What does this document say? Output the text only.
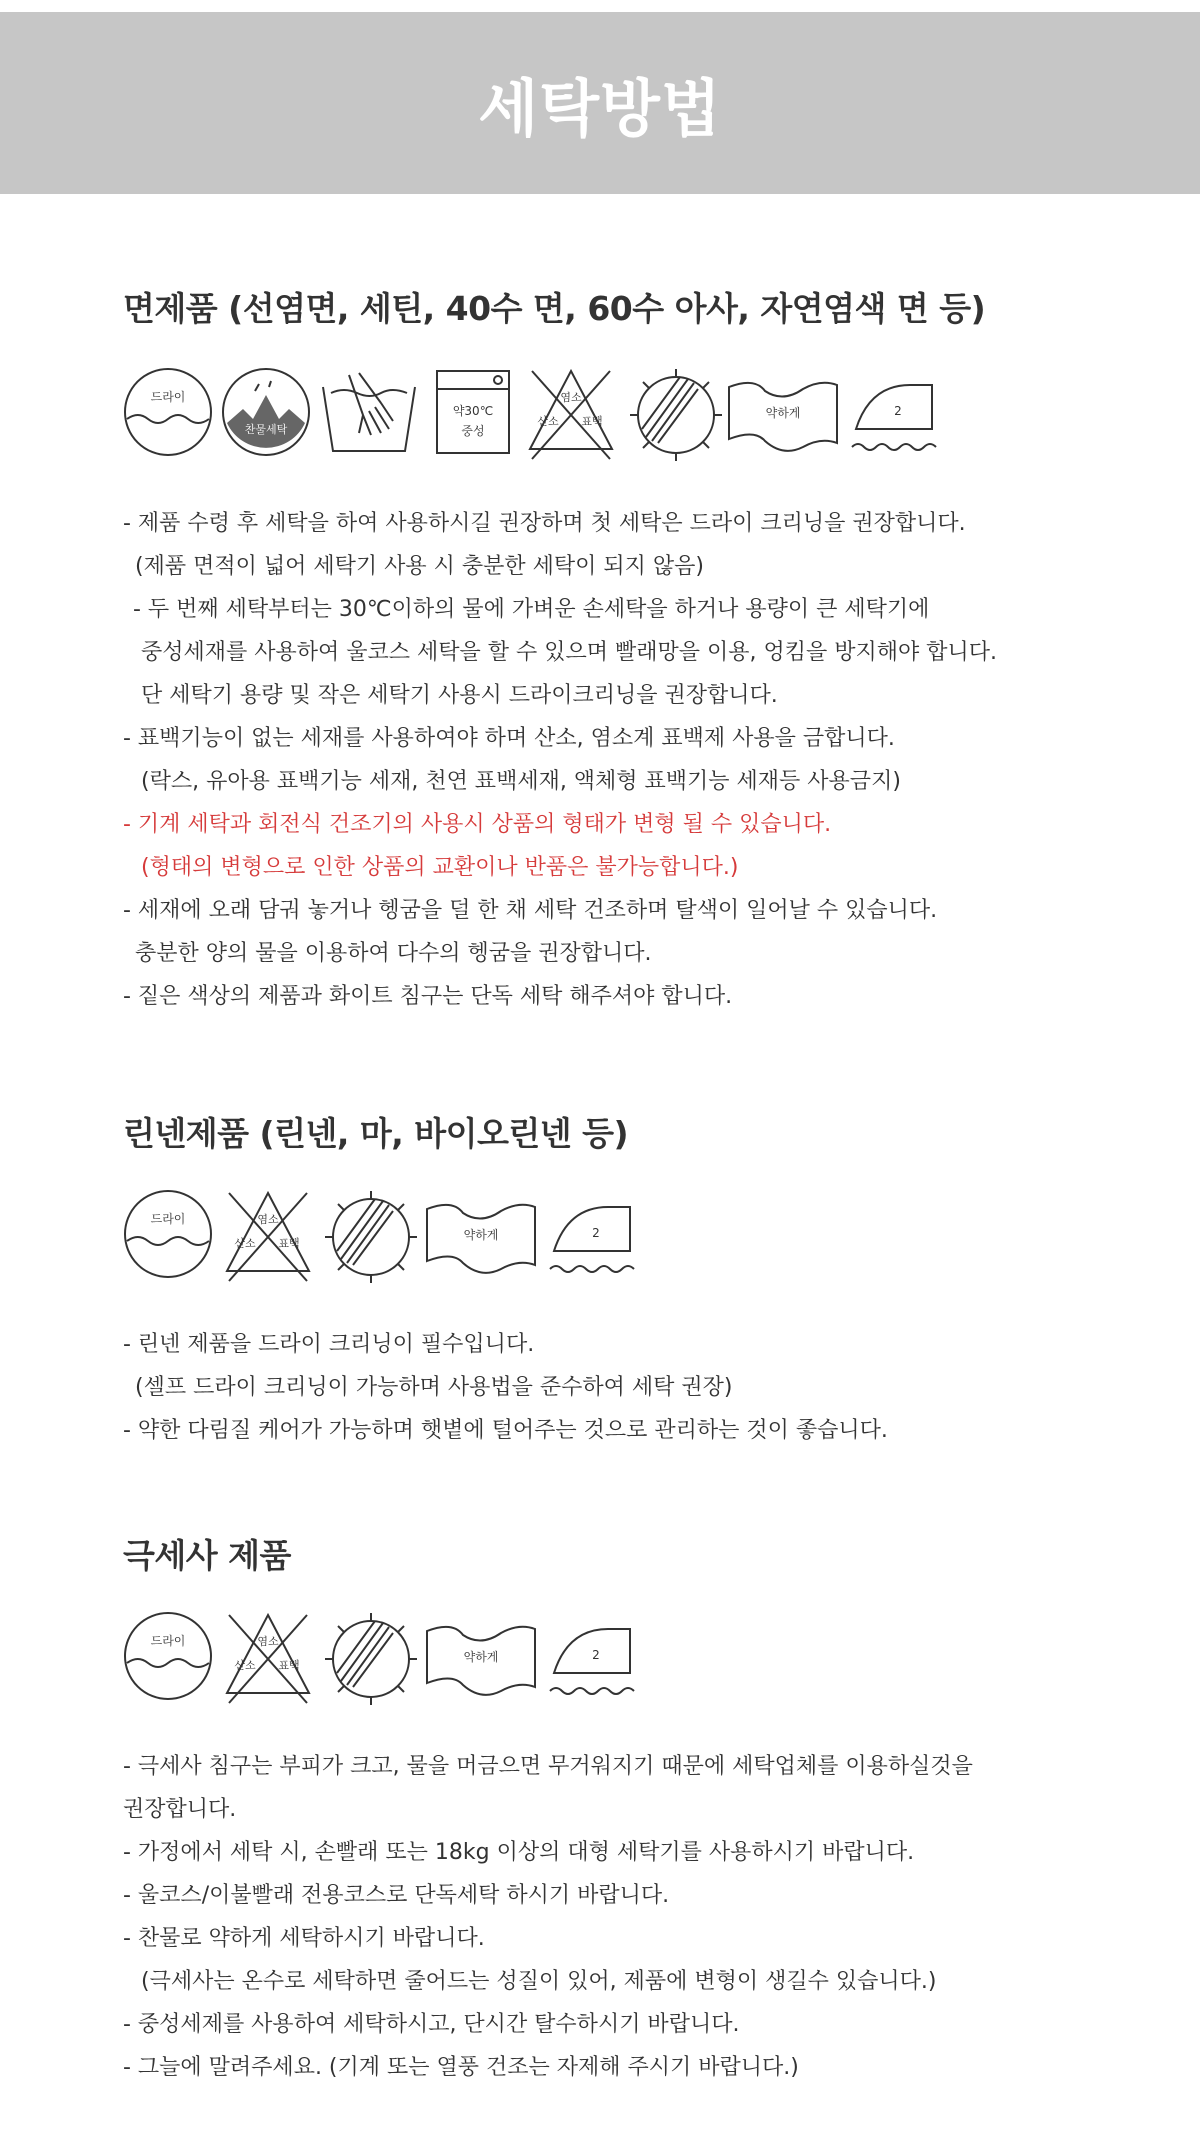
세탁방법
면제품 (선염면, 세틴, 40수 면, 60수 아사, 자연염색 면 등)
드라이
찬물세탁
약30℃
중성
염소
산소 표백
약하게	2
- 제품 수령 후 세탁을 하여 사용하시길 권장하며 첫 세탁은 드라이 크리닝을 권장합니다.
(제품 면적이 넓어 세탁기 사용 시 충분한 세탁이 되지 않음)
- 두 번째 세탁부터는 30℃이하의 물에 가벼운 손세탁을 하거나 용량이 큰 세탁기에
중성세재를 사용하여 울코스 세탁을 할 수 있으며 빨래망을 이용, 엉킴을 방지해야 합니다.
단 세탁기 용량 및 작은 세탁기 사용시 드라이크리닝을 권장합니다.
- 표백기능이 없는 세재를 사용하여야 하며 산소, 염소계 표백제 사용을 금합니다.
(락스, 유아용 표백기능 세재, 천연 표백세재, 액체형 표백기능 세재등 사용금지)
- 기계 세탁과 회전식 건조기의 사용시 상품의 형태가 변형 될 수 있습니다.
(형태의 변형으로 인한 상품의 교환이나 반품은 불가능합니다.)
- 세재에 오래 담궈 놓거나 헹굼을 덜 한 채 세탁 건조하며 탈색이 일어날 수 있습니다.
충분한 양의 물을 이용하여 다수의 헹굼을 권장합니다.
- 짙은 색상의 제품과 화이트 침구는 단독 세탁 해주셔야 합니다.
린넨제품 (린넨, 마, 바이오린넨 등)
드라이	염소
산소 표백
약하게	2
- 린넨 제품을 드라이 크리닝이 필수입니다.
(셀프 드라이 크리닝이 가능하며 사용법을 준수하여 세탁 권장)
- 약한 다림질 케어가 가능하며 햇볕에 털어주는 것으로 관리하는 것이 좋습니다.
극세사 제품
드라이	염소
산소 표백
약하게	2
- 극세사 침구는 부피가 크고, 물을 머금으면 무거워지기 때문에 세탁업체를 이용하실것을
권장합니다.
- 가정에서 세탁 시, 손빨래 또는 18kg 이상의 대형 세탁기를 사용하시기 바랍니다.
- 울코스/이불빨래 전용코스로 단독세탁 하시기 바랍니다.
- 찬물로 약하게 세탁하시기 바랍니다.
(극세사는 온수로 세탁하면 줄어드는 성질이 있어, 제품에 변형이 생길수 있습니다.)
- 중성세제를 사용하여 세탁하시고, 단시간 탈수하시기 바랍니다.
- 그늘에 말려주세요. (기계 또는 열풍 건조는 자제해 주시기 바랍니다.)
